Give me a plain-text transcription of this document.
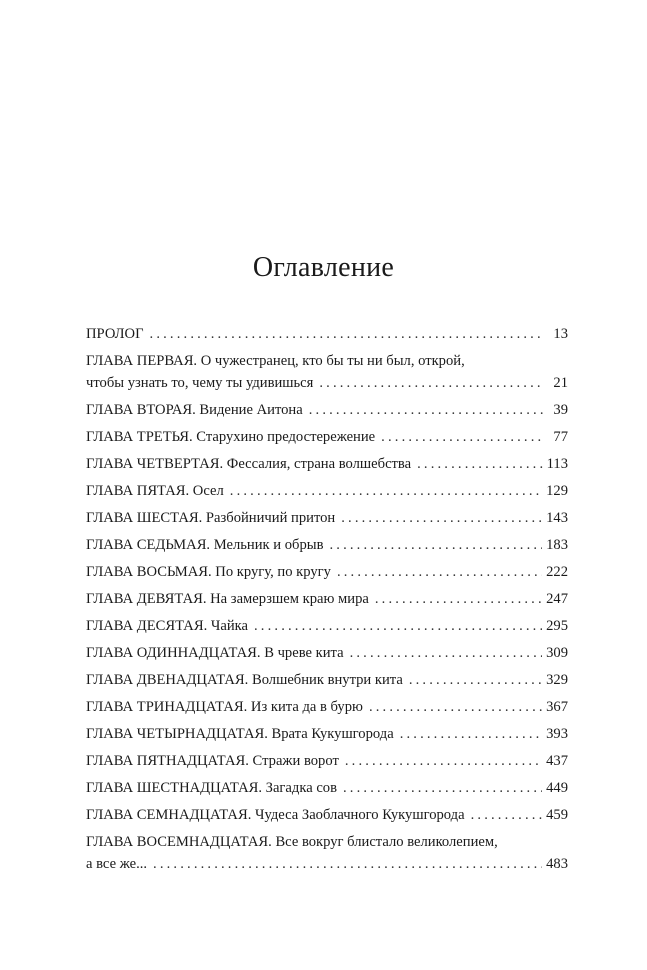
Оглавление
ПРОЛОГ . . .	13
ГЛАВА ПЕРВАЯ. О чужестранец, кто бы ты ни был, открой,
чтобы узнать то, чему ты удивишься . . .	21
ГЛАВА ВТОРАЯ. Видение Аитона . . .	39
ГЛАВА ТРЕТЬЯ. Старухино предостережение . . .	77
ГЛАВА ЧЕТВЕРТАЯ. Фессалия, страна волшебства . . .	113
ГЛАВА ПЯТАЯ. Осел . . .	129
ГЛАВА ШЕСТАЯ. Разбойничий притон . . .	143
ГЛАВА СЕДЬМАЯ. Мельник и обрыв . . .	183
ГЛАВА ВОСЬМАЯ. По кругу, по кругу . . .	222
ГЛАВА ДЕВЯТАЯ. На замерзшем краю мира . . .	247
ГЛАВА ДЕСЯТАЯ. Чайка . . .	295
ГЛАВА ОДИННАДЦАТАЯ. В чреве кита . . .	309
ГЛАВА ДВЕНАДЦАТАЯ. Волшебник внутри кита . . .	329
ГЛАВА ТРИНАДЦАТАЯ. Из кита да в бурю . . .	367
ГЛАВА ЧЕТЫРНАДЦАТАЯ. Врата Кукушгорода . . .	393
ГЛАВА ПЯТНАДЦАТАЯ. Стражи ворот . . .	437
ГЛАВА ШЕСТНАДЦАТАЯ. Загадка сов . . .	449
ГЛАВА СЕМНАДЦАТАЯ. Чудеса Заоблачного Кукушгорода . . .	459
ГЛАВА ВОСЕМНАДЦАТАЯ. Все вокруг блистало великолепием,
а все же... . . .	483
